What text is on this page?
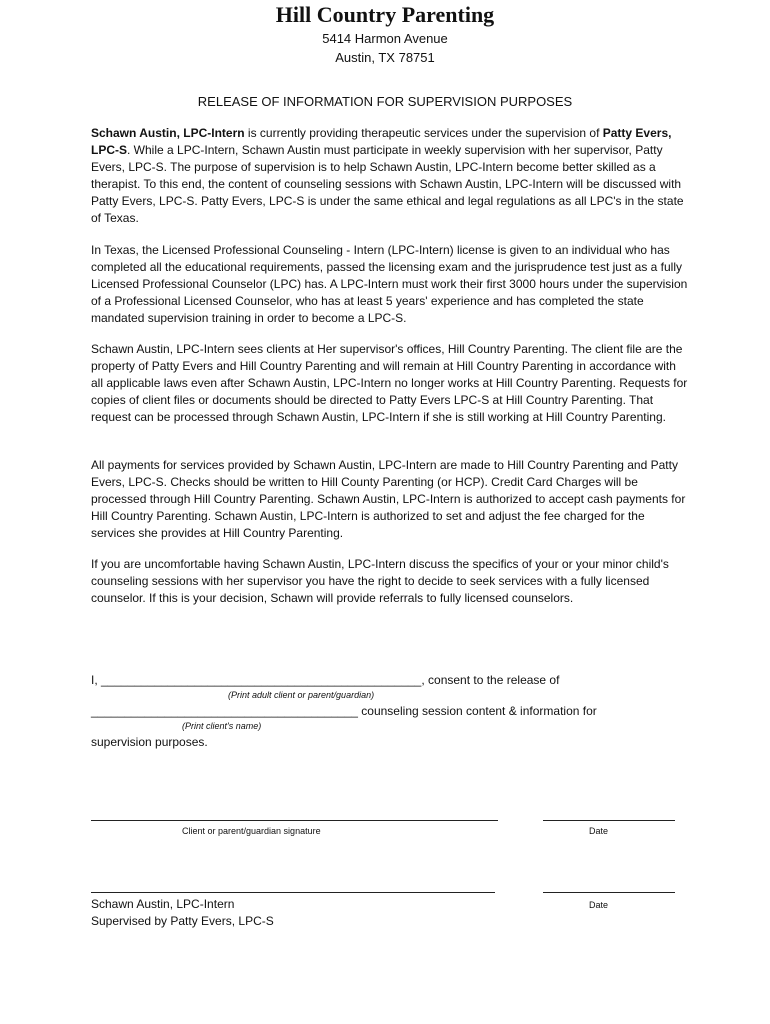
Hill Country Parenting
5414 Harmon Avenue
Austin, TX 78751
RELEASE OF INFORMATION FOR SUPERVISION PURPOSES

Schawn Austin, LPC-Intern is currently providing therapeutic services under the supervision of Patty Evers, LPC-S. While a LPC-Intern, Schawn Austin must participate in weekly supervision with her supervisor, Patty Evers, LPC-S. The purpose of supervision is to help Schawn Austin, LPC-Intern become better skilled as a therapist. To this end, the content of counseling sessions with Schawn Austin, LPC-Intern will be discussed with Patty Evers, LPC-S. Patty Evers, LPC-S is under the same ethical and legal regulations as all LPC's in the state of Texas.

In Texas, the Licensed Professional Counseling - Intern (LPC-Intern) license is given to an individual who has completed all the educational requirements, passed the licensing exam and the jurisprudence test just as a fully Licensed Professional Counselor (LPC) has. A LPC-Intern must work their first 3000 hours under the supervision of a Professional Licensed Counselor, who has at least 5 years' experience and has completed the state mandated supervision training in order to become a LPC-S.

Schawn Austin, LPC-Intern sees clients at Her supervisor's offices, Hill Country Parenting. The client file are the property of Patty Evers and Hill Country Parenting and will remain at Hill Country Parenting in accordance with all applicable laws even after Schawn Austin, LPC-Intern no longer works at Hill Country Parenting. Requests for copies of client files or documents should be directed to Patty Evers LPC-S at Hill Country Parenting. That request can be processed through Schawn Austin, LPC-Intern if she is still working at Hill Country Parenting.

All payments for services provided by Schawn Austin, LPC-Intern are made to Hill Country Parenting and Patty Evers, LPC-S. Checks should be written to Hill County Parenting (or HCP). Credit Card Charges will be processed through Hill Country Parenting. Schawn Austin, LPC-Intern is authorized to accept cash payments for Hill Country Parenting. Schawn Austin, LPC-Intern is authorized to set and adjust the fee charged for the services she provides at Hill Country Parenting.

If you are uncomfortable having Schawn Austin, LPC-Intern discuss the specifics of your or your minor child's counseling sessions with her supervisor you have the right to decide to seek services with a fully licensed counselor. If this is your decision, Schawn will provide referrals to fully licensed counselors.

I, ________________________________________________, consent to the release of
(Print adult client or parent/guardian)
________________________________________ counseling session content & information for
(Print client's name)
supervision purposes.
Client or parent/guardian signature	Date
Schawn Austin, LPC-Intern	Date
Supervised by Patty Evers, LPC-S
